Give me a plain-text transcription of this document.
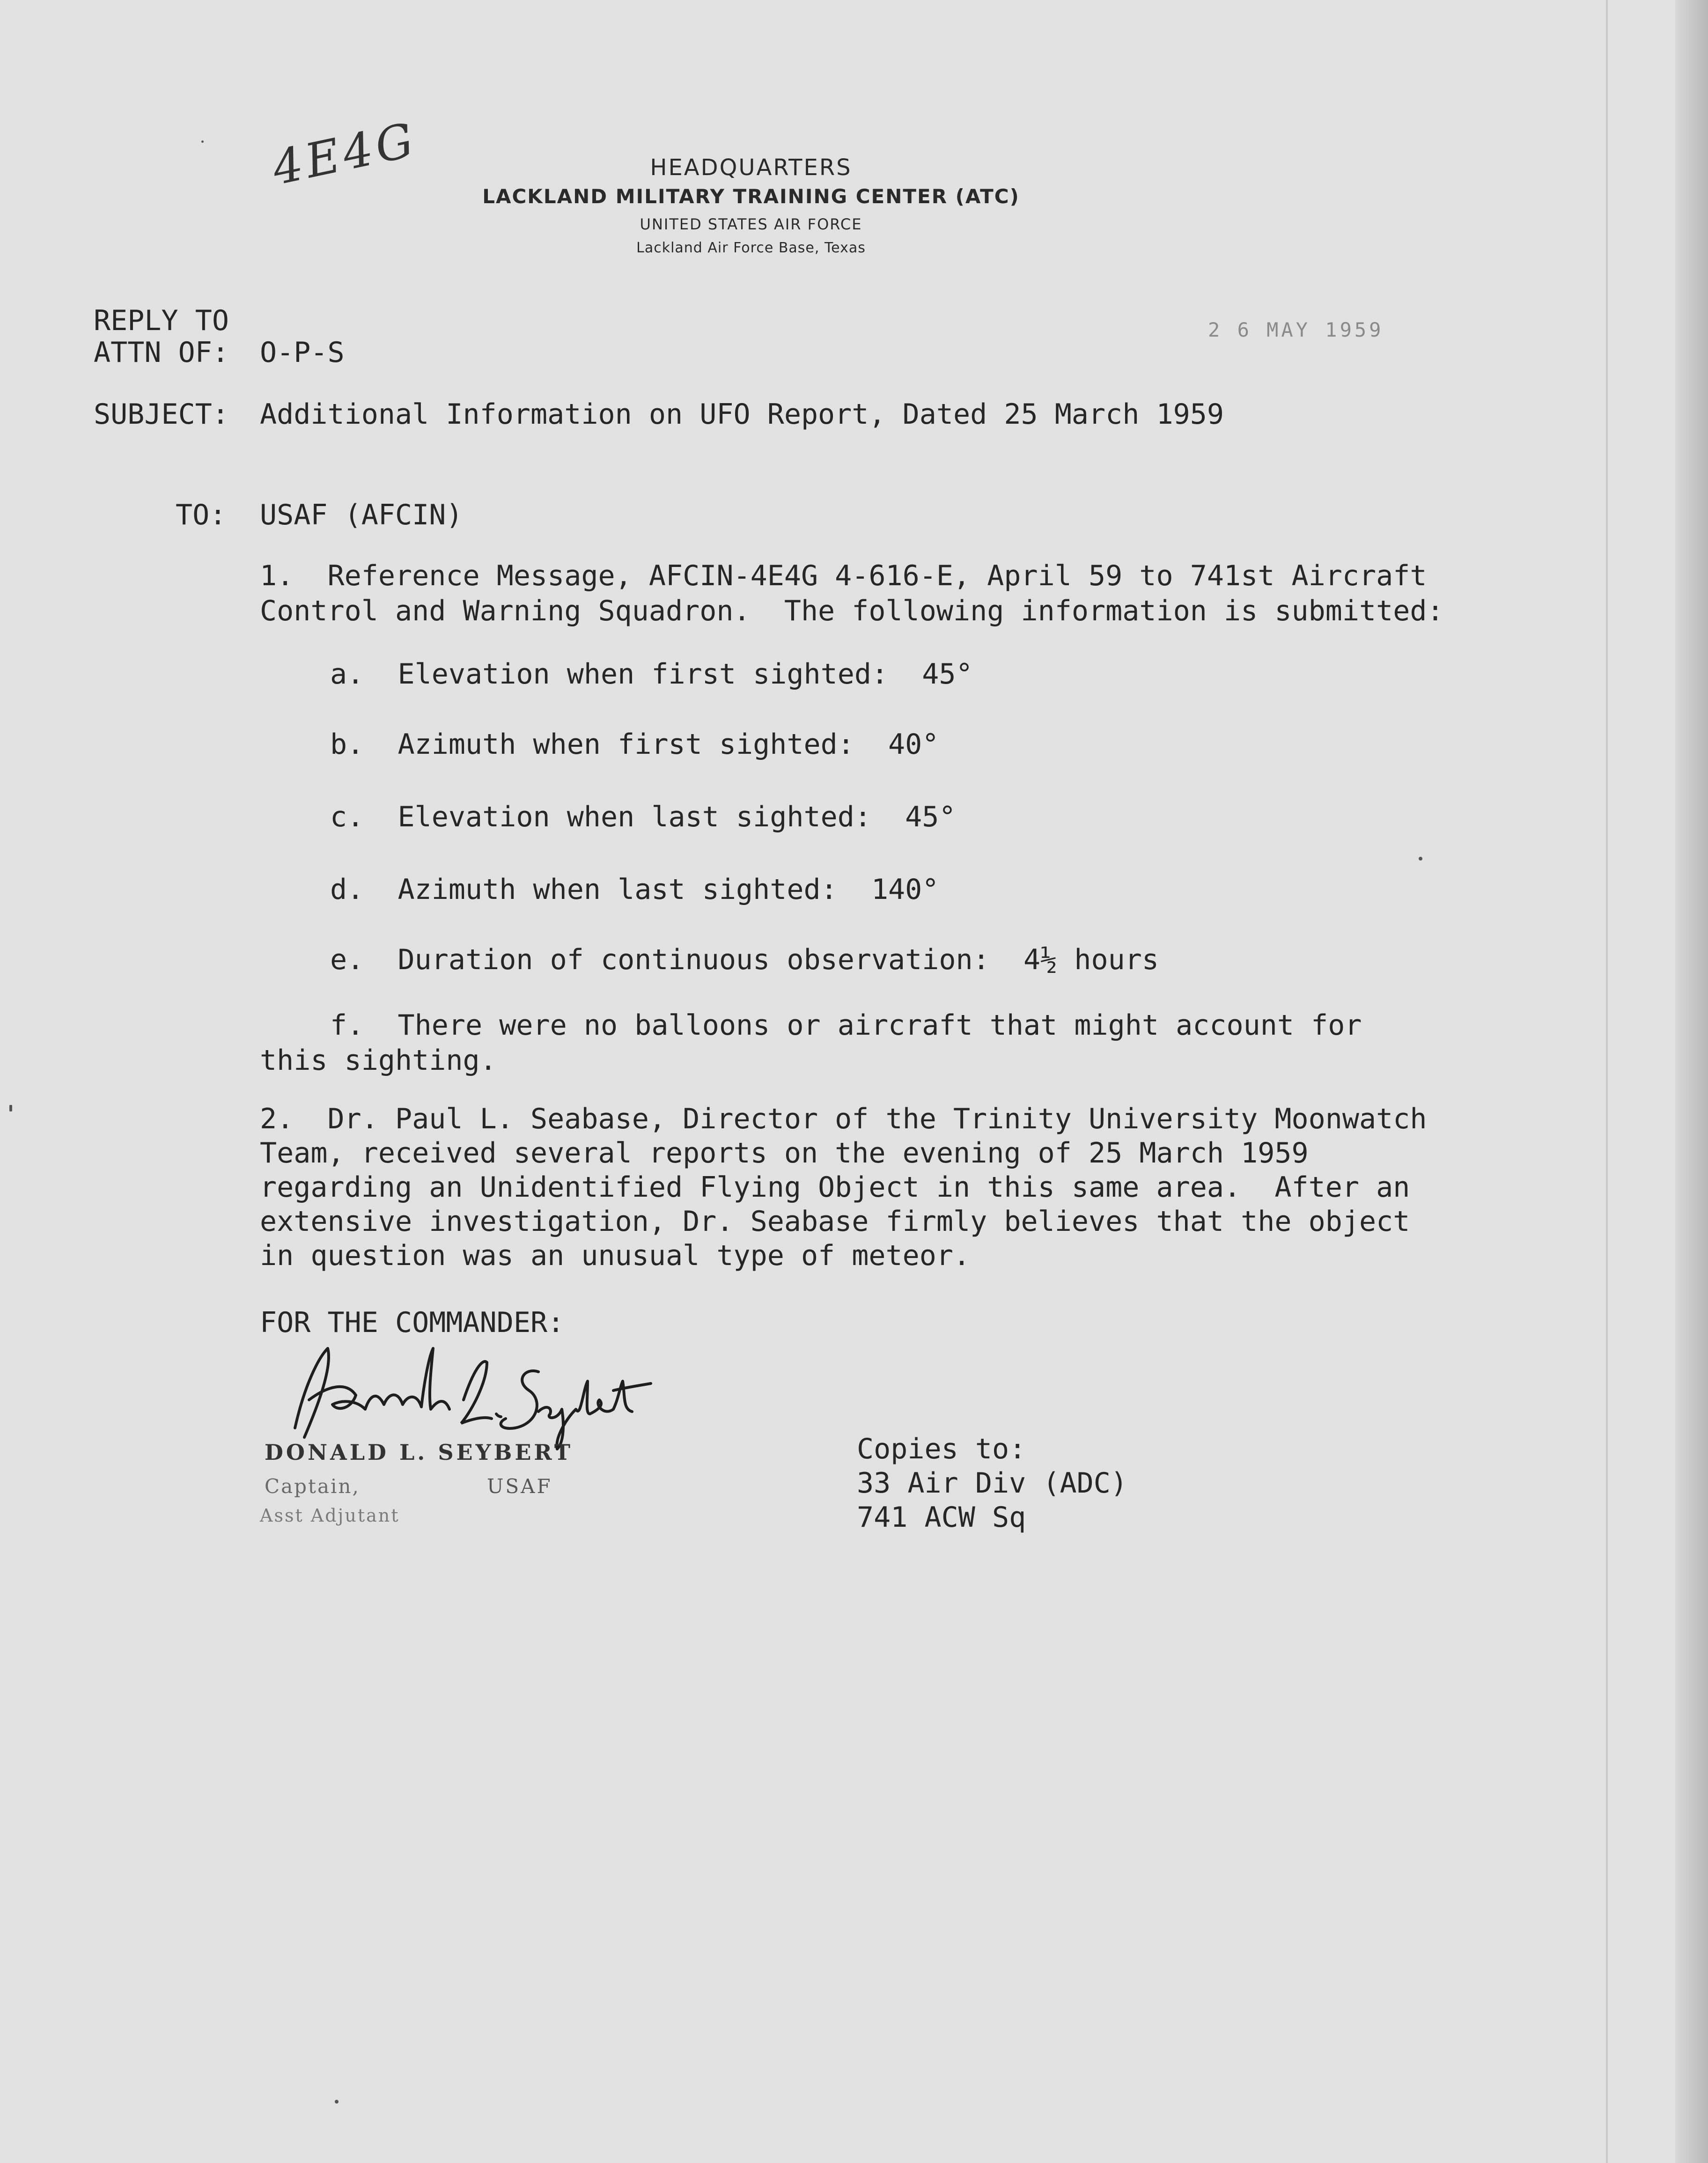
4E4G	HEADQUARTERS
LACKLAND MILITARY TRAINING CENTER (ATC)
UNITED STATES AIR FORCE
Lackland Air Force Base, Texas
2 6 MAY 1959
REPLY TO
ATTN OF: O-P-S
SUBJECT: Additional Information on UFO Report, Dated 25 March 1959
TO: USAF (AFCIN)
1.  Reference Message, AFCIN-4E4G 4-616-E, April 59 to 741st Aircraft
Control and Warning Squadron.  The following information is submitted:
a.  Elevation when first sighted:  45°
b.  Azimuth when first sighted:  40°
c.  Elevation when last sighted:  45°
d.  Azimuth when last sighted:  140°
e.  Duration of continuous observation:  4½ hours
f.  There were no balloons or aircraft that might account for
this sighting.
2.  Dr. Paul L. Seabase, Director of the Trinity University Moonwatch
Team, received several reports on the evening of 25 March 1959
regarding an Unidentified Flying Object in this same area.  After an
extensive investigation, Dr. Seabase firmly believes that the object
in question was an unusual type of meteor.
FOR THE COMMANDER:
DONALD L. SEYBERT
Captain,	USAF
Asst Adjutant
Copies to:
33 Air Div (ADC)
741 ACW Sq
